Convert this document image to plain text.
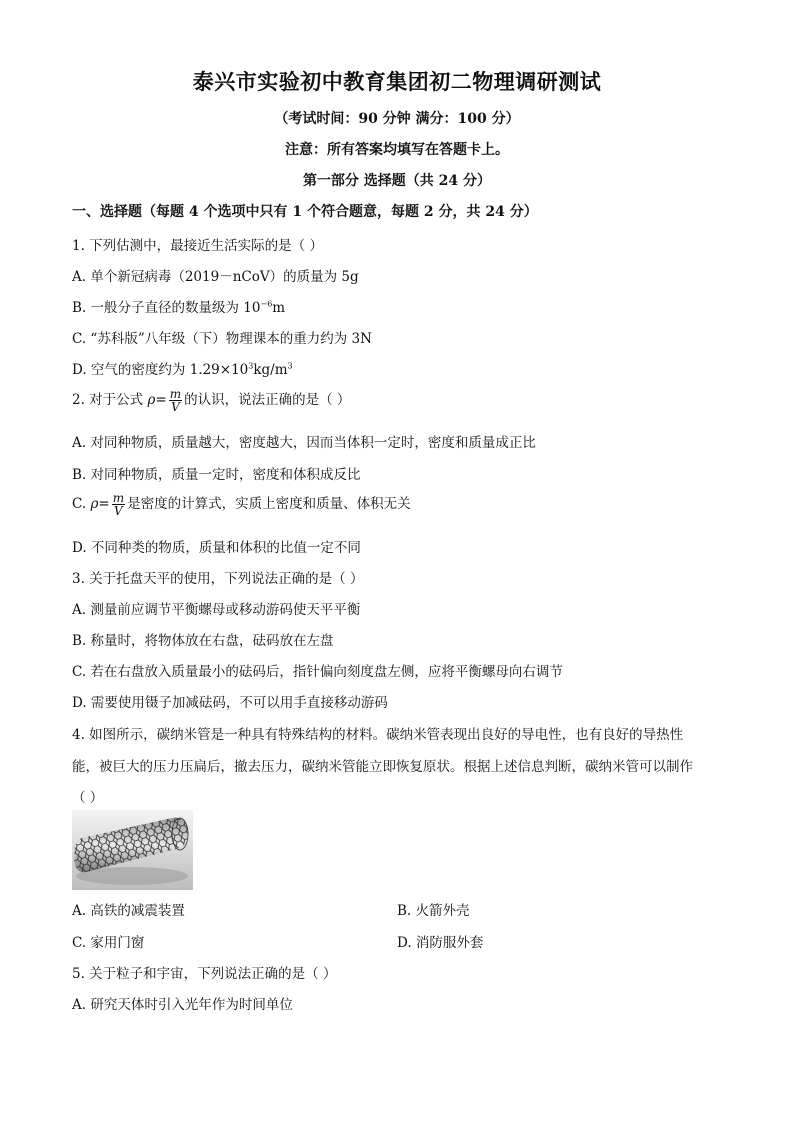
泰兴市实验初中教育集团初二物理调研测试
（考试时间：90 分钟 满分：100 分）
注意：所有答案均填写在答题卡上。
第一部分 选择题（共 24 分）
一、选择题（每题 4 个选项中只有 1 个符合题意，每题 2 分，共 24 分）
1. 下列估测中，最接近生活实际的是（ ）
A. 单个新冠病毒（2019－nCoV）的质量为 5g
B. 一般分子直径的数量级为 $10^{-6}m$
C. “苏科版”八年级（下）物理课本的重力约为 3N
D. 空气的密度约为 $1.29\times 10^3kg/m^3$
2. 对于公式 $\rho= \frac{m}{V}$ 的认识，说法正确的是（ ）
A. 对同种物质，质量越大，密度越大，因而当体积一定时，密度和质量成正比
B. 对同种物质，质量一定时，密度和体积成反比
C. $\rho= \frac{m}{V}$ 是密度的计算式，实质上密度和质量、体积无关
D. 不同种类的物质，质量和体积的比值一定不同
3. 关于托盘天平的使用，下列说法正确的是（ ）
A. 测量前应调节平衡螺母或移动游码使天平平衡
B. 称量时，将物体放在右盘，砝码放在左盘
C. 若在右盘放入质量最小的砝码后，指针偏向刻度盘左侧，应将平衡螺母向右调节
D. 需要使用镊子加减砝码，不可以用手直接移动游码
4. 如图所示，碳纳米管是一种具有特殊结构的材料。碳纳米管表现出良好的导电性，也有良好的导热性
能，被巨大的压力压扁后，撤去压力，碳纳米管能立即恢复原状。根据上述信息判断，碳纳米管可以制作
（ ）
A. 高铁的减震装置	B. 火箭外壳
C. 家用门窗	D. 消防服外套
5. 关于粒子和宇宙，下列说法正确的是（ ）
A. 研究天体时引入光年作为时间单位
